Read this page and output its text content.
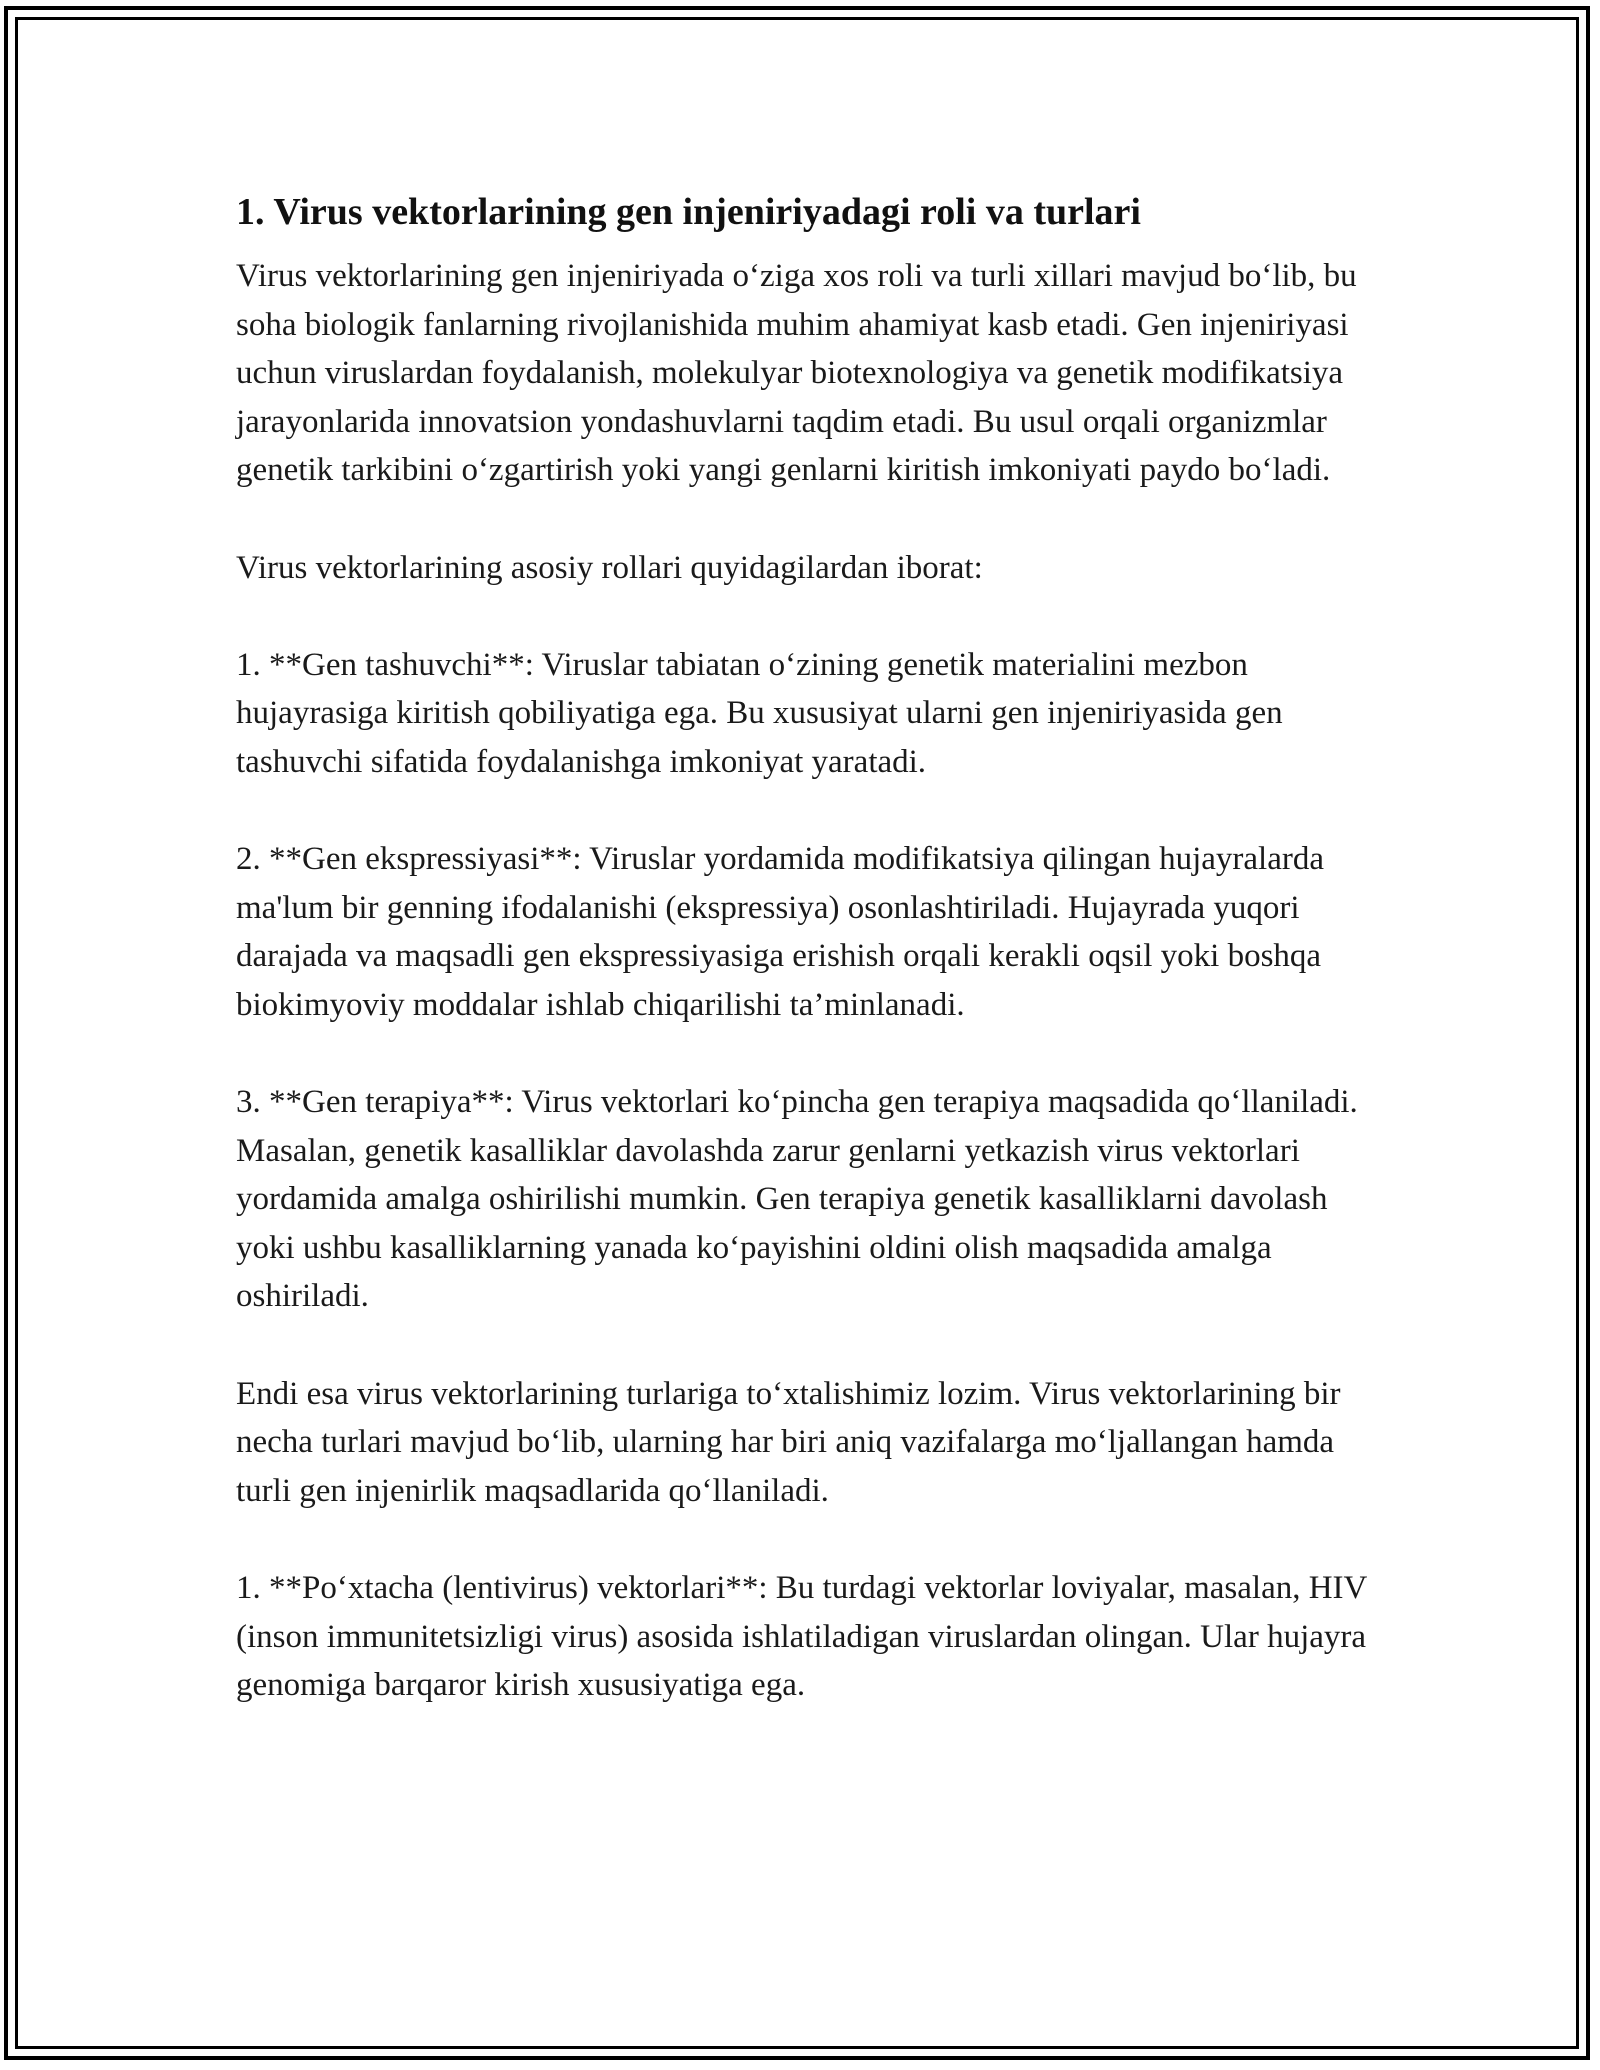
1. Virus vektorlarining gen injeniriyadagi roli va turlari

Virus vektorlarining gen injeniriyada o‘ziga xos roli va turli xillari mavjud bo‘lib, bu soha biologik fanlarning rivojlanishida muhim ahamiyat kasb etadi. Gen injeniriyasi uchun viruslardan foydalanish, molekulyar biotexnologiya va genetik modifikatsiya jarayonlarida innovatsion yondashuvlarni taqdim etadi. Bu usul orqali organizmlar genetik tarkibini o‘zgartirish yoki yangi genlarni kiritish imkoniyati paydo bo‘ladi.

Virus vektorlarining asosiy rollari quyidagilardan iborat:

1. **Gen tashuvchi**: Viruslar tabiatan o‘zining genetik materialini mezbon hujayrasiga kiritish qobiliyatiga ega. Bu xususiyat ularni gen injeniriyasida gen tashuvchi sifatida foydalanishga imkoniyat yaratadi.

2. **Gen ekspressiyasi**: Viruslar yordamida modifikatsiya qilingan hujayralarda ma'lum bir genning ifodalanishi (ekspressiya) osonlashtiriladi. Hujayrada yuqori darajada va maqsadli gen ekspressiyasiga erishish orqali kerakli oqsil yoki boshqa biokimyoviy moddalar ishlab chiqarilishi ta’minlanadi.

3. **Gen terapiya**: Virus vektorlari ko‘pincha gen terapiya maqsadida qo‘llaniladi. Masalan, genetik kasalliklar davolashda zarur genlarni yetkazish virus vektorlari yordamida amalga oshirilishi mumkin. Gen terapiya genetik kasalliklarni davolash yoki ushbu kasalliklarning yanada ko‘payishini oldini olish maqsadida amalga oshiriladi.

Endi esa virus vektorlarining turlariga to‘xtalishimiz lozim. Virus vektorlarining bir necha turlari mavjud bo‘lib, ularning har biri aniq vazifalarga mo‘ljallangan hamda turli gen injenirlik maqsadlarida qo‘llaniladi.

1. **Po‘xtacha (lentivirus) vektorlari**: Bu turdagi vektorlar loviyalar, masalan, HIV (inson immunitetsizligi virus) asosida ishlatiladigan viruslardan olingan. Ular hujayra genomiga barqaror kirish xususiyatiga ega.
